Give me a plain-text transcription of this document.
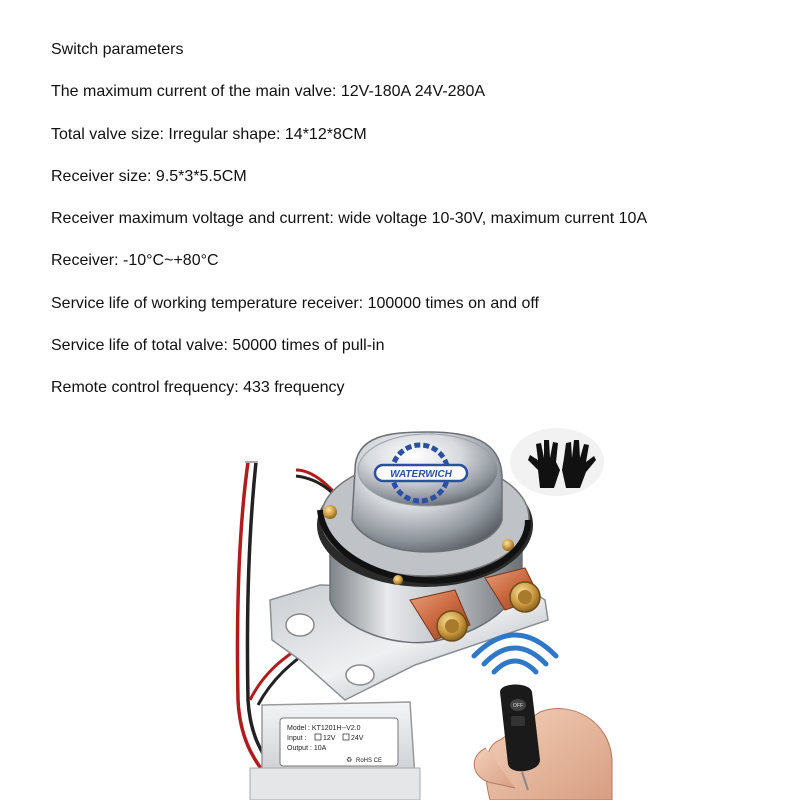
Switch parameters
The maximum current of the main valve: 12V-180A 24V-280A
Total valve size: Irregular shape: 14*12*8CM
Receiver size: 9.5*3*5.5CM
Receiver maximum voltage and current: wide voltage 10-30V, maximum current 10A
Receiver: -10°C~+80°C
Service life of working temperature receiver: 100000 times on and off
Service life of total valve: 50000 times of pull-in
Remote control frequency: 433 frequency
WATERWICH
Model : KT1201H--V2.0
Input : 12V 24V
Output : 10A
RoHS CE
♻
OFF
